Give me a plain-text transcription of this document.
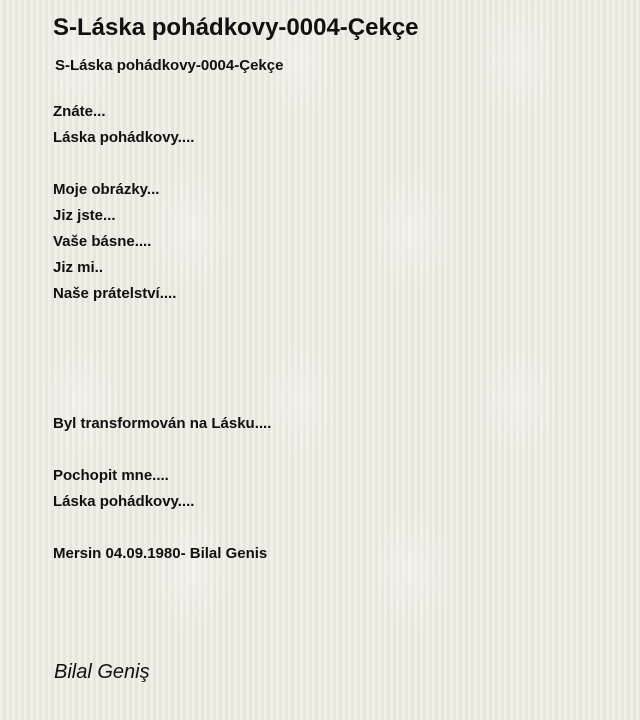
S-Láska pohádkovy-0004-Çekçe
S-Láska pohádkovy-0004-Çekçe
Znáte...
Láska pohádkovy....
Moje obrázky...
Jiz jste...
Vaše básne....
Jiz mi..
Naše prátelství....
Byl transformován na Lásku....
Pochopit mne....
Láska pohádkovy....
Mersin 04.09.1980- Bilal Genis
Bilal Geniş
